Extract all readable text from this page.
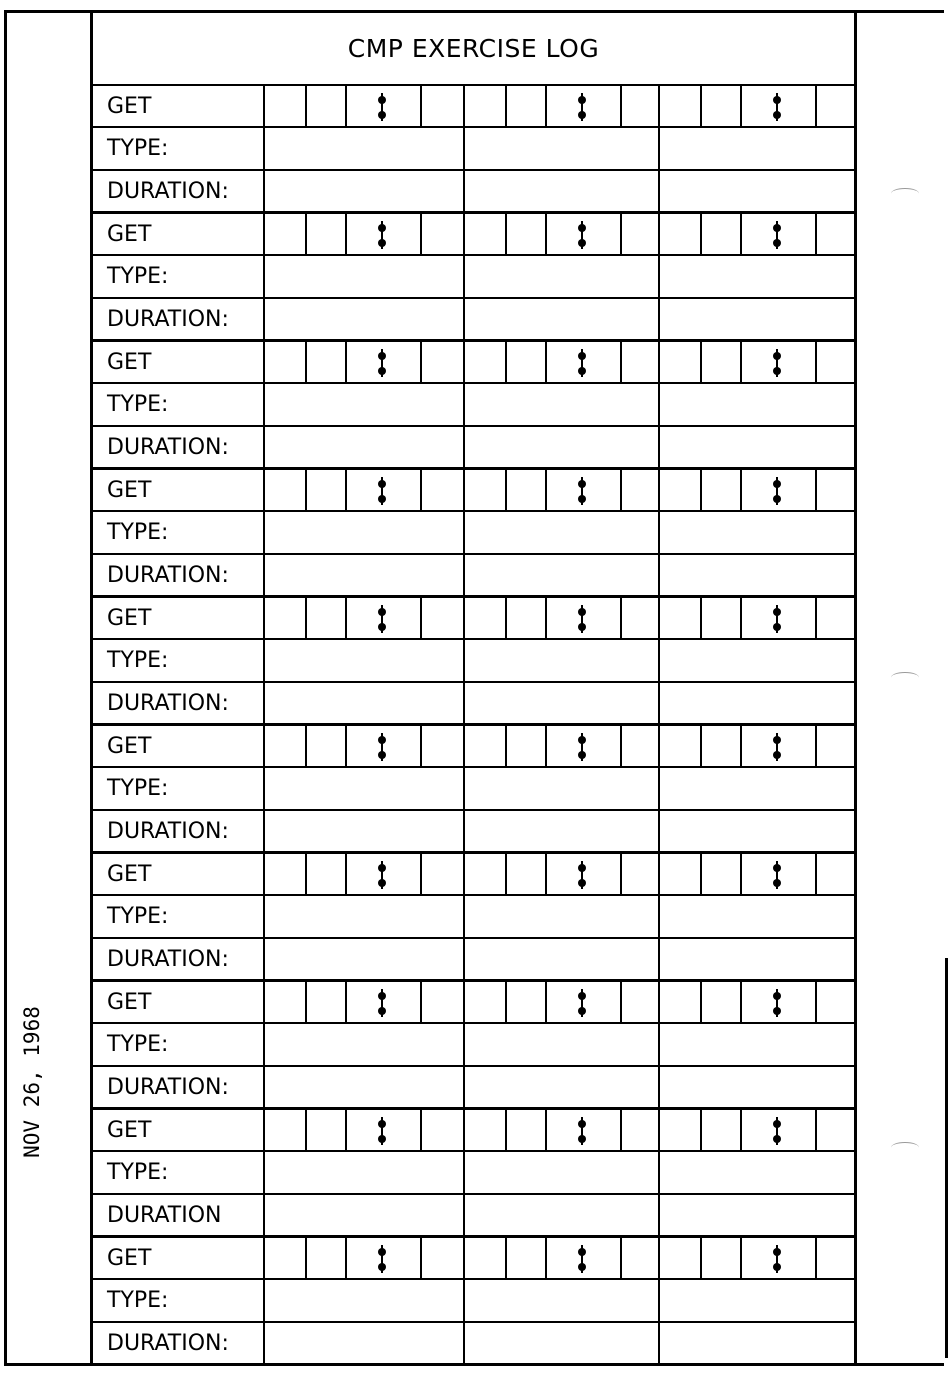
NOV 26, 1968
CMP EXERCISE LOG
GET
TYPE:
DURATION:
GET
TYPE:
DURATION:
GET
TYPE:
DURATION:
GET
TYPE:
DURATION:
GET
TYPE:
DURATION:
GET
TYPE:
DURATION:
GET
TYPE:
DURATION:
GET
TYPE:
DURATION:
GET
TYPE:
DURATION
GET
TYPE:
DURATION:
